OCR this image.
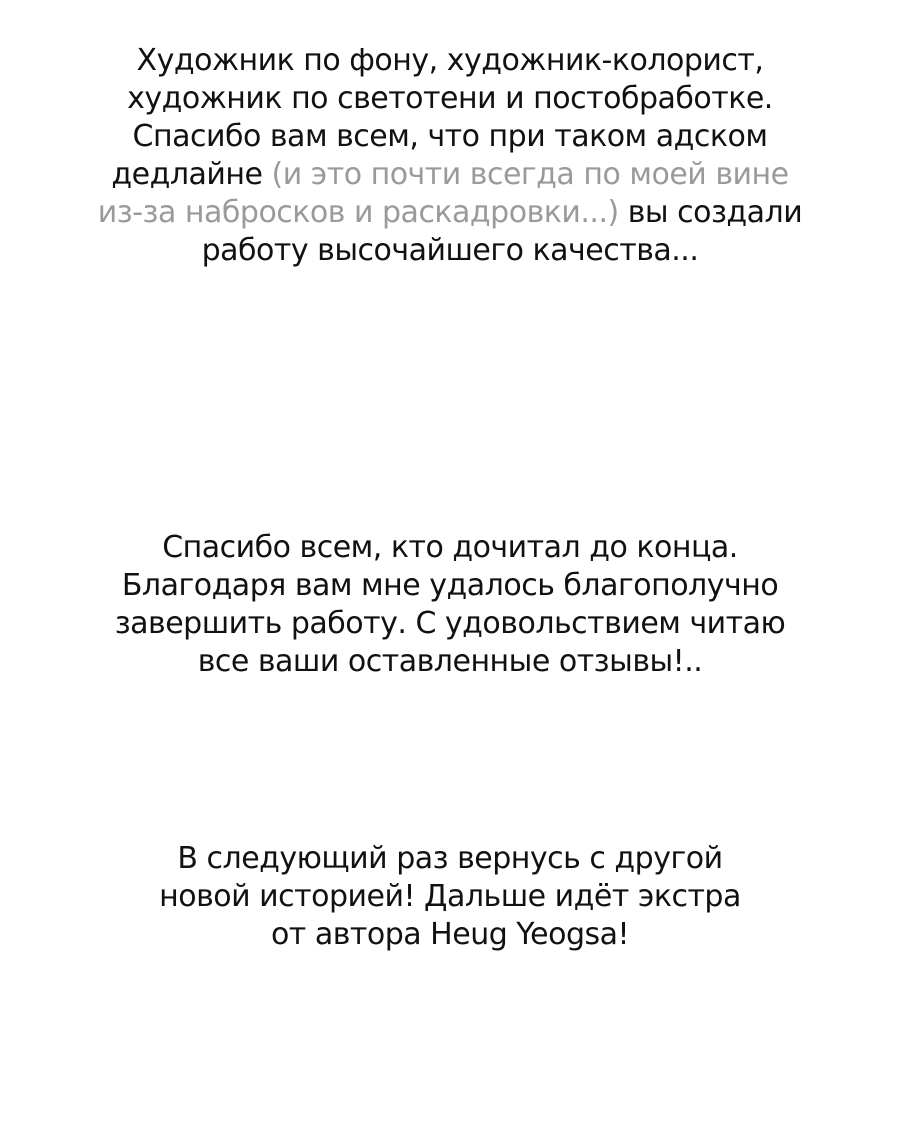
Художник по фону, художник-колорист,
художник по светотени и постобработке.
Спасибо вам всем, что при таком адском
дедлайне (и это почти всегда по моей вине
из-за набросков и раскадровки...) вы создали
работу высочайшего качества...
Спасибо всем, кто дочитал до конца.
Благодаря вам мне удалось благополучно
завершить работу. С удовольствием читаю
все ваши оставленные отзывы!..
В следующий раз вернусь с другой
новой историей! Дальше идёт экстра
от автора Heug Yeogsa!
